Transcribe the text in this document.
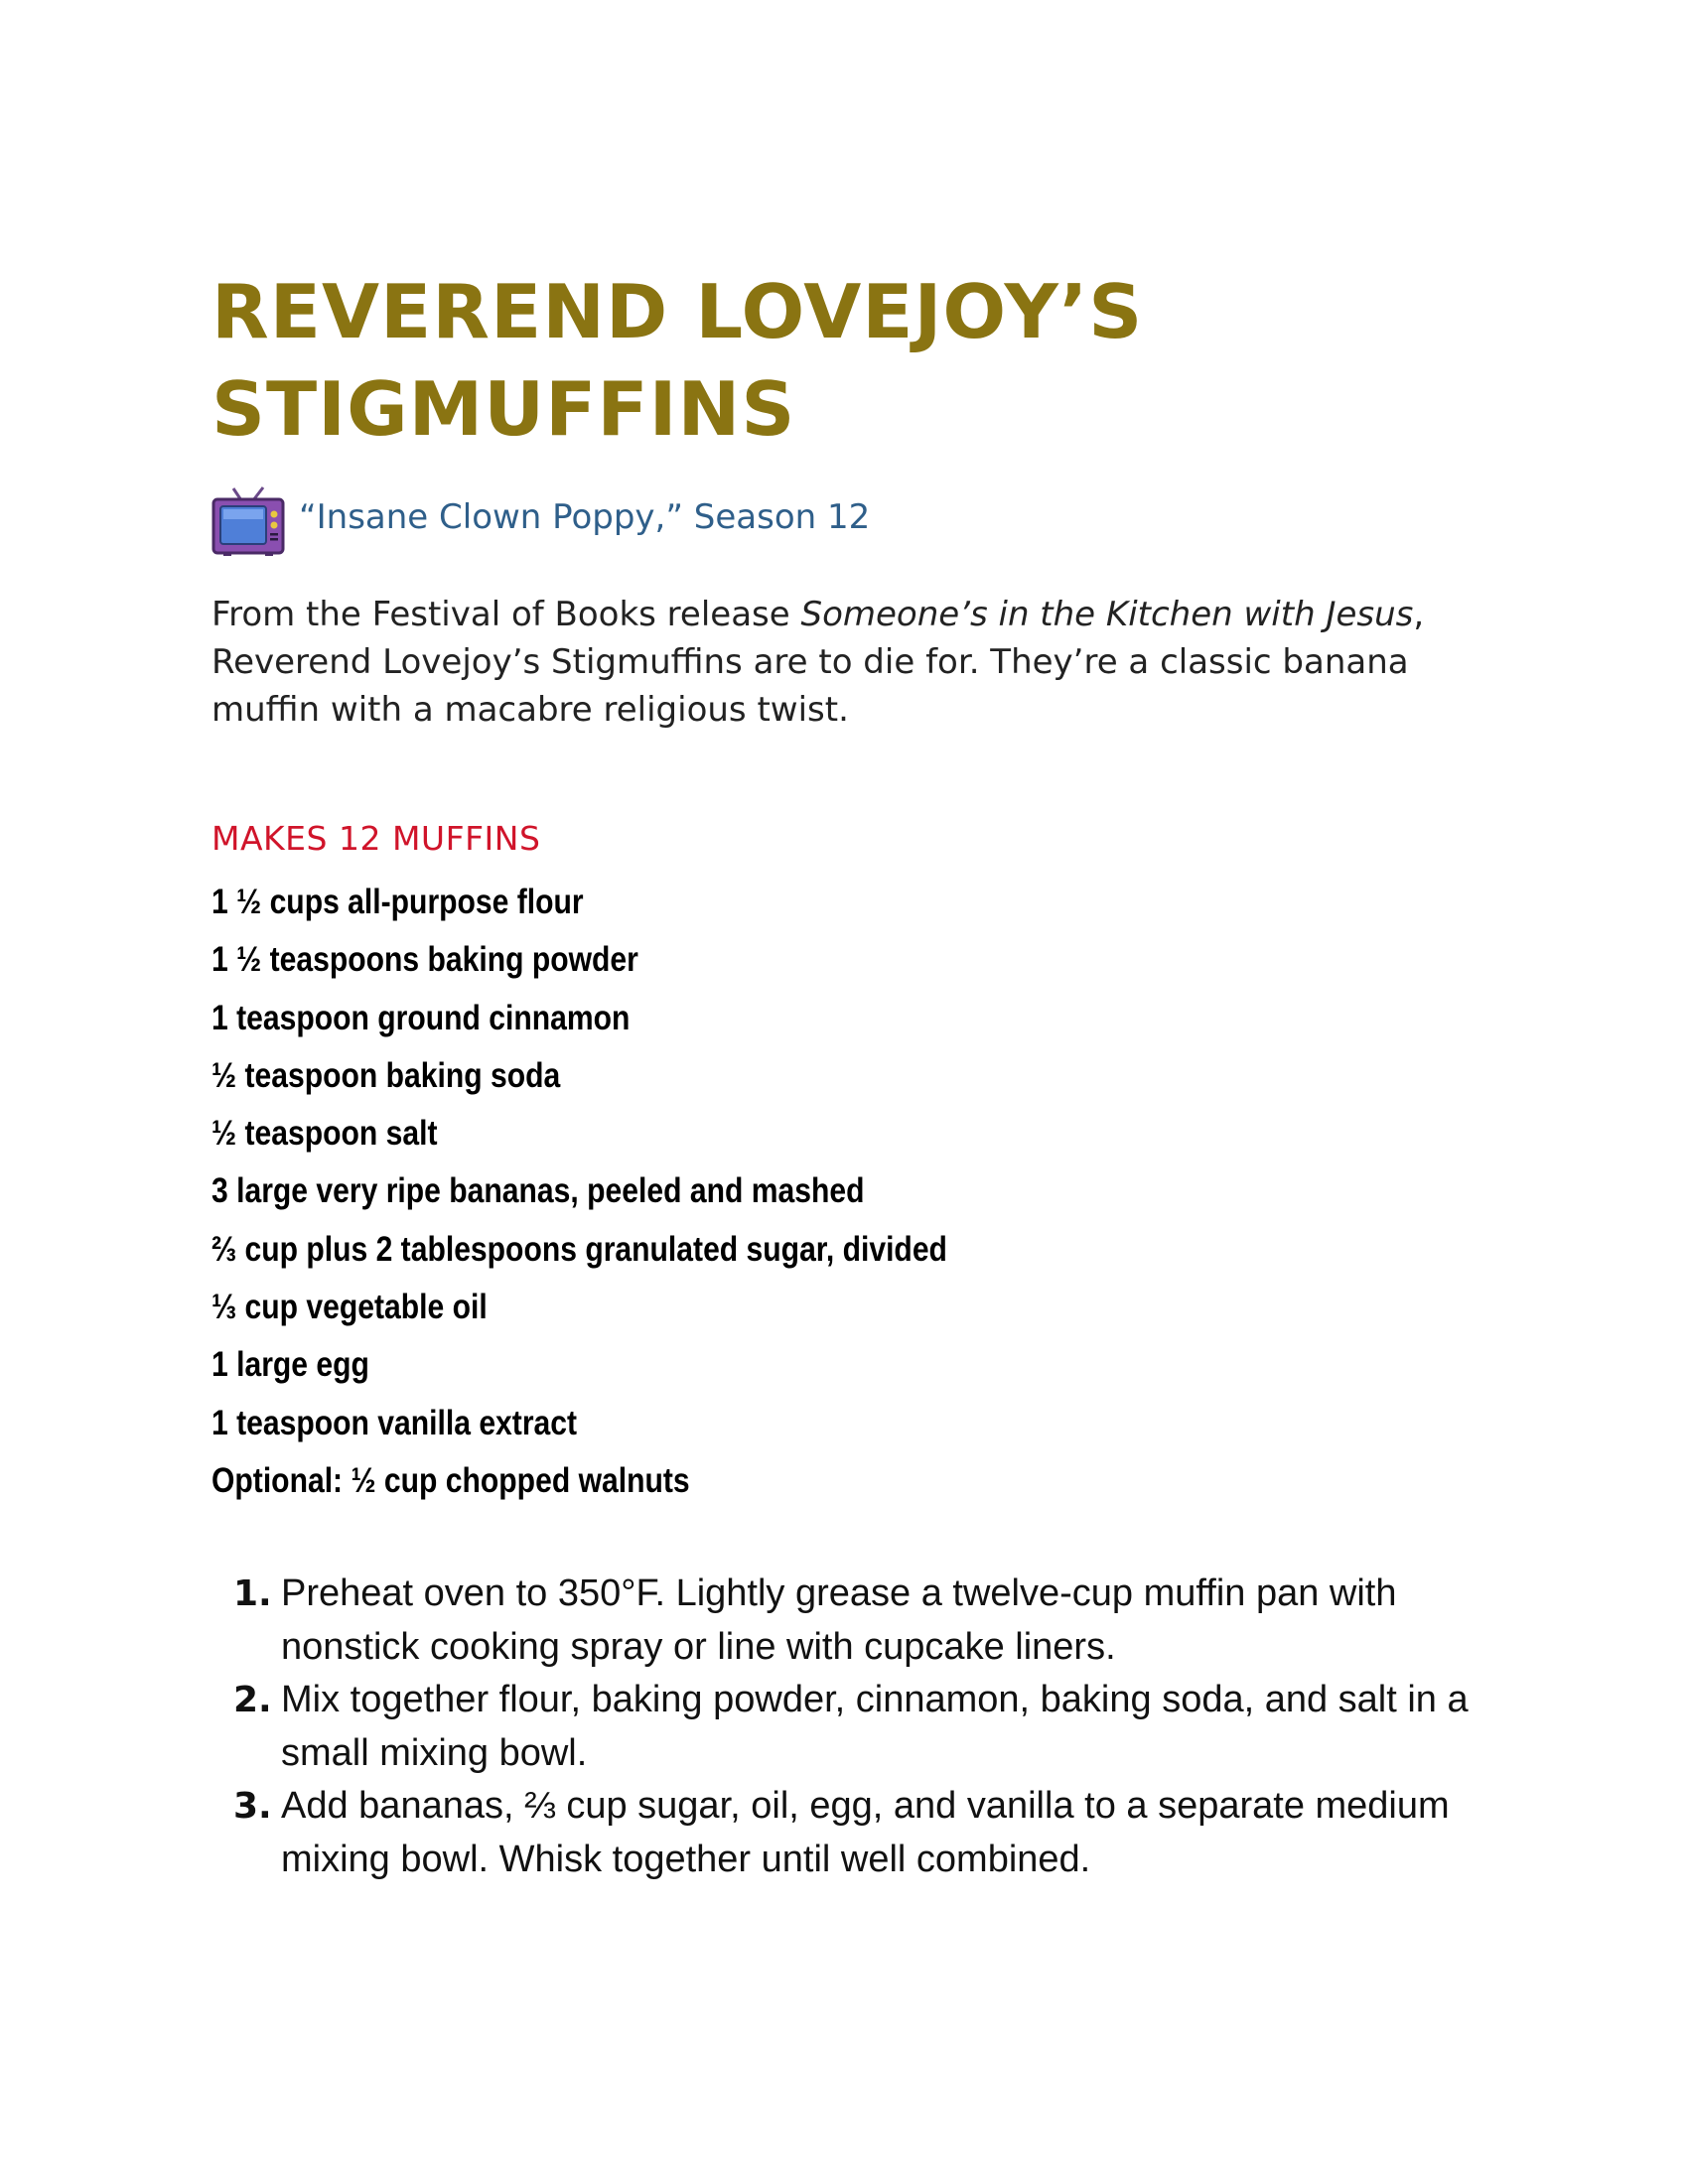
REVEREND LOVEJOY’S
STIGMUFFINS
“Insane Clown Poppy,” Season 12

From the Festival of Books release Someone’s in the Kitchen with Jesus, Reverend Lovejoy’s Stigmuffins are to die for. They’re a classic banana muffin with a macabre religious twist.

MAKES 12 MUFFINS
1 ½ cups all-purpose flour
1 ½ teaspoons baking powder
1 teaspoon ground cinnamon
½ teaspoon baking soda
½ teaspoon salt
3 large very ripe bananas, peeled and mashed
⅔ cup plus 2 tablespoons granulated sugar, divided
⅓ cup vegetable oil
1 large egg
1 teaspoon vanilla extract
Optional: ½ cup chopped walnuts
1. Preheat oven to 350°F. Lightly grease a twelve-cup muffin pan with nonstick cooking spray or line with cupcake liners.
2. Mix together flour, baking powder, cinnamon, baking soda, and salt in a small mixing bowl.
3. Add bananas, ⅔ cup sugar, oil, egg, and vanilla to a separate medium mixing bowl. Whisk together until well combined.
